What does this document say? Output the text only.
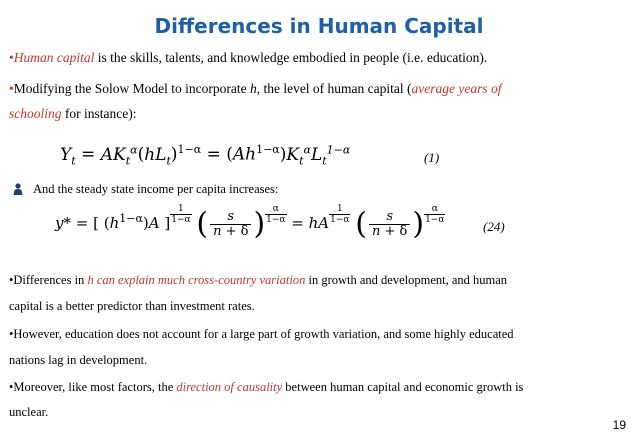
Differences in Human Capital
•Human capital is the skills, talents, and knowledge embodied in people (i.e. education).
•Modifying the Solow Model to incorporate h, the level of human capital (average years of
schooling for instance):
$Y_t = AK_t^\alpha(hL_t)^{1-\alpha} = (Ah^{1-\alpha})K_t^\alpha L_t^{1-\alpha}$
(1)
And the steady state income per capita increases:
y* = [ $(h^{1-\alpha})A$ ] $\frac{1}{1-\alpha}$ ( $\frac{s}{n + \delta}$ ) $\frac{\alpha}{1-\alpha}$ = hA $\frac{1}{1-\alpha}$ ( $\frac{s}{n + \delta}$ ) $\frac{\alpha}{1-\alpha}$
(24)
•Differences in h can explain much cross-country variation in growth and development, and human
capital is a better predictor than investment rates.
•However, education does not account for a large part of growth variation, and some highly educated
nations lag in development.
•Moreover, like most factors, the direction of causality between human capital and economic growth is
unclear.
19
